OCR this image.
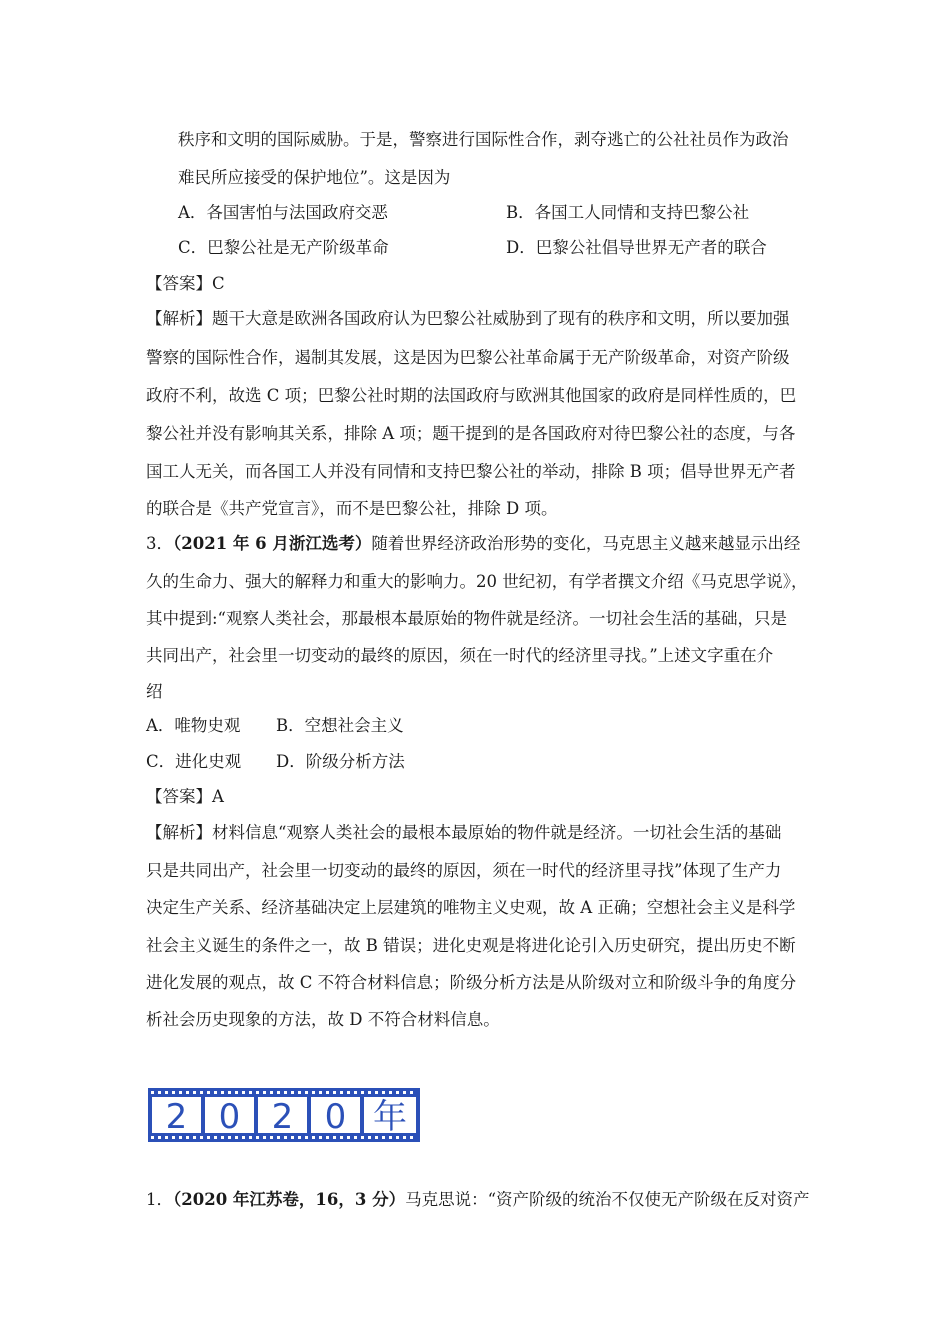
秩序和文明的国际威胁。于是，警察进行国际性合作，剥夺逃亡的公社社员作为政治
难民所应接受的保护地位”。这是因为
A．各国害怕与法国政府交恶	B．各国工人同情和支持巴黎公社
C．巴黎公社是无产阶级革命	D．巴黎公社倡导世界无产者的联合
【答案】C
【解析】题干大意是欧洲各国政府认为巴黎公社威胁到了现有的秩序和文明，所以要加强
警察的国际性合作，遏制其发展，这是因为巴黎公社革命属于无产阶级革命，对资产阶级
政府不利，故选 C 项；巴黎公社时期的法国政府与欧洲其他国家的政府是同样性质的，巴
黎公社并没有影响其关系，排除 A 项；题干提到的是各国政府对待巴黎公社的态度，与各
国工人无关，而各国工人并没有同情和支持巴黎公社的举动，排除 B 项；倡导世界无产者
的联合是《共产党宣言》，而不是巴黎公社，排除 D 项。
3．（2021 年 6 月浙江选考）随着世界经济政治形势的变化，马克思主义越来越显示出经
久的生命力、强大的解释力和重大的影响力。20 世纪初，有学者撰文介绍《马克思学说》，
其中提到:“观察人类社会，那最根本最原始的物件就是经济。一切社会生活的基础，只是
共同出产，社会里一切变动的最终的原因，须在一时代的经济里寻找。”上述文字重在介
绍
A．唯物史观 B．空想社会主义
C．进化史观 D．阶级分析方法
【答案】A
【解析】材料信息“观察人类社会的最根本最原始的物件就是经济。一切社会生活的基础
只是共同出产，社会里一切变动的最终的原因，须在一时代的经济里寻找”体现了生产力
决定生产关系、经济基础决定上层建筑的唯物主义史观，故 A 正确；空想社会主义是科学
社会主义诞生的条件之一，故 B 错误；进化史观是将进化论引入历史研究，提出历史不断
进化发展的观点，故 C 不符合材料信息；阶级分析方法是从阶级对立和阶级斗争的角度分
析社会历史现象的方法，故 D 不符合材料信息。
2 0 2 0 年
1．（2020 年江苏卷，16，3 分）马克思说：“资产阶级的统治不仅使无产阶级在反对资产
